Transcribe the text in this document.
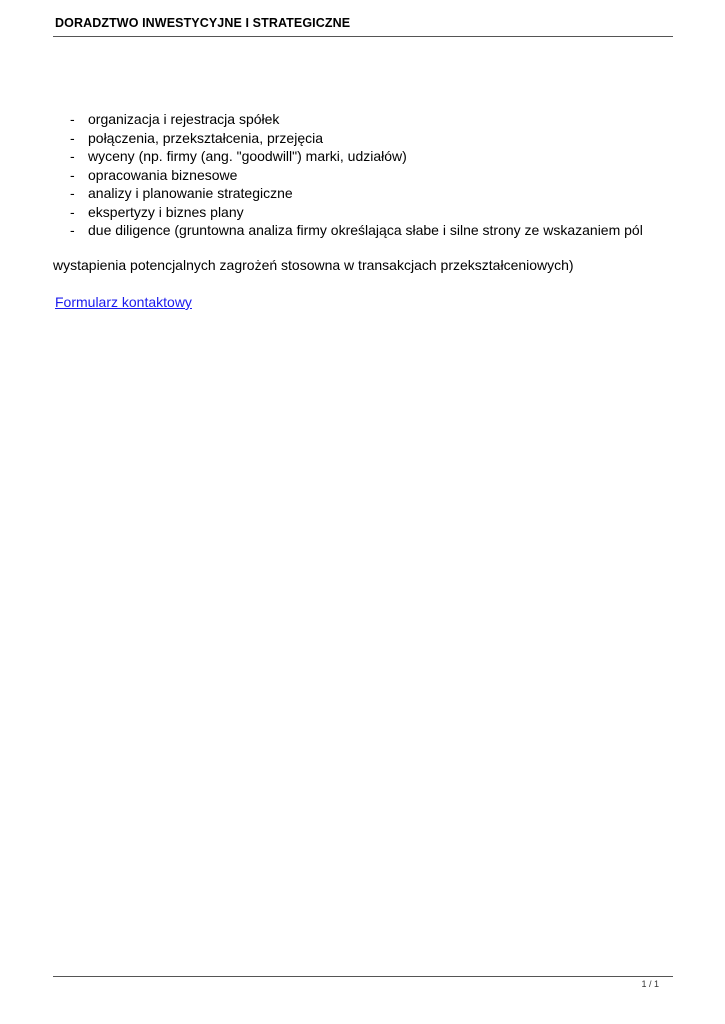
DORADZTWO INWESTYCYJNE I STRATEGICZNE
- organizacja i rejestracja spółek
- połączenia, przekształcenia, przejęcia
- wyceny (np. firmy (ang. "goodwill") marki, udziałów)
- opracowania biznesowe
- analizy i planowanie strategiczne
- ekspertyzy i biznes plany
- due diligence (gruntowna analiza firmy określająca słabe i silne strony ze wskazaniem pól
wystapienia potencjalnych zagrożeń stosowna w transakcjach przekształceniowych)
Formularz kontaktowy
1 / 1
